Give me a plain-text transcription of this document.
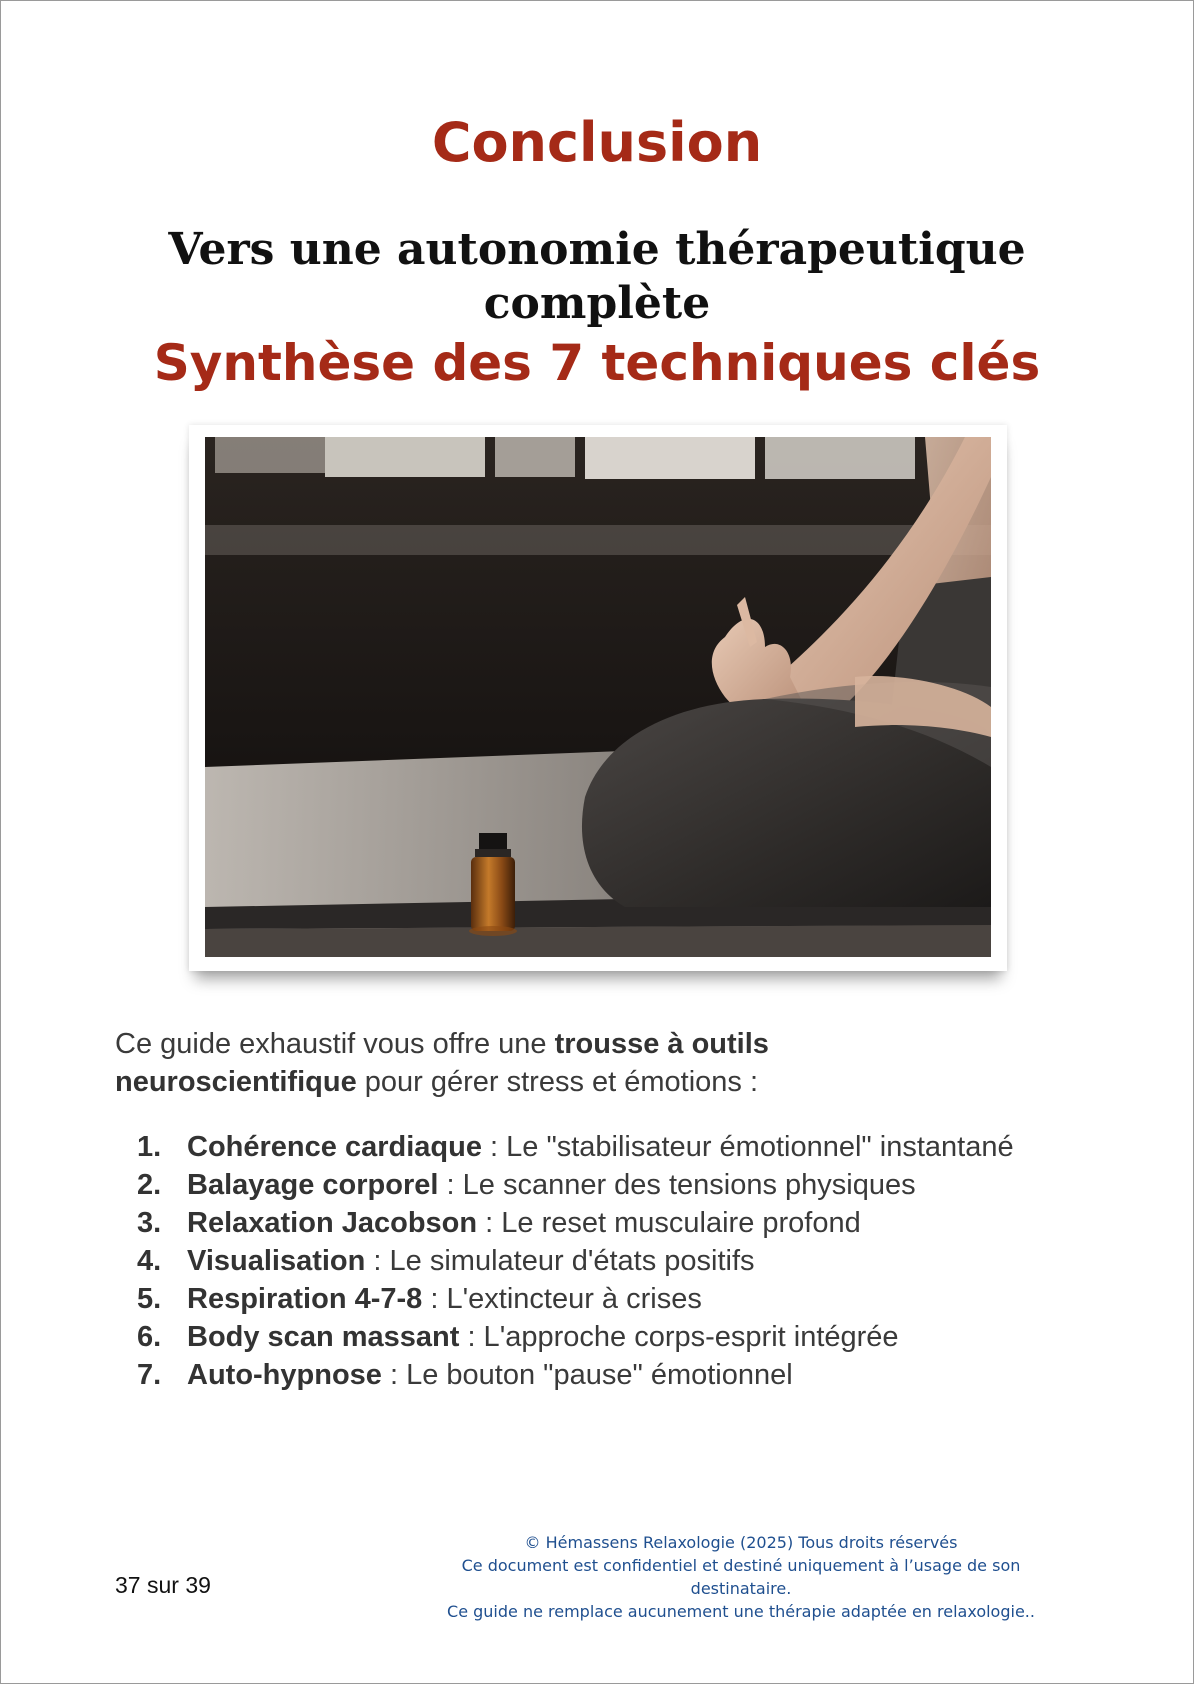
Conclusion
Vers une autonomie thérapeutique complète
Synthèse des 7 techniques clés

Ce guide exhaustif vous offre une trousse à outils neuroscientifique pour gérer stress et émotions :

1. Cohérence cardiaque : Le "stabilisateur émotionnel" instantané
2. Balayage corporel : Le scanner des tensions physiques
3. Relaxation Jacobson : Le reset musculaire profond
4. Visualisation : Le simulateur d'états positifs
5. Respiration 4-7-8 : L'extincteur à crises
6. Body scan massant : L'approche corps-esprit intégrée
7. Auto-hypnose : Le bouton "pause" émotionnel
37 sur 39
© Hémassens Relaxologie (2025) Tous droits réservés
Ce document est confidentiel et destiné uniquement à l’usage de son destinataire.
Ce guide ne remplace aucunement une thérapie adaptée en relaxologie..
